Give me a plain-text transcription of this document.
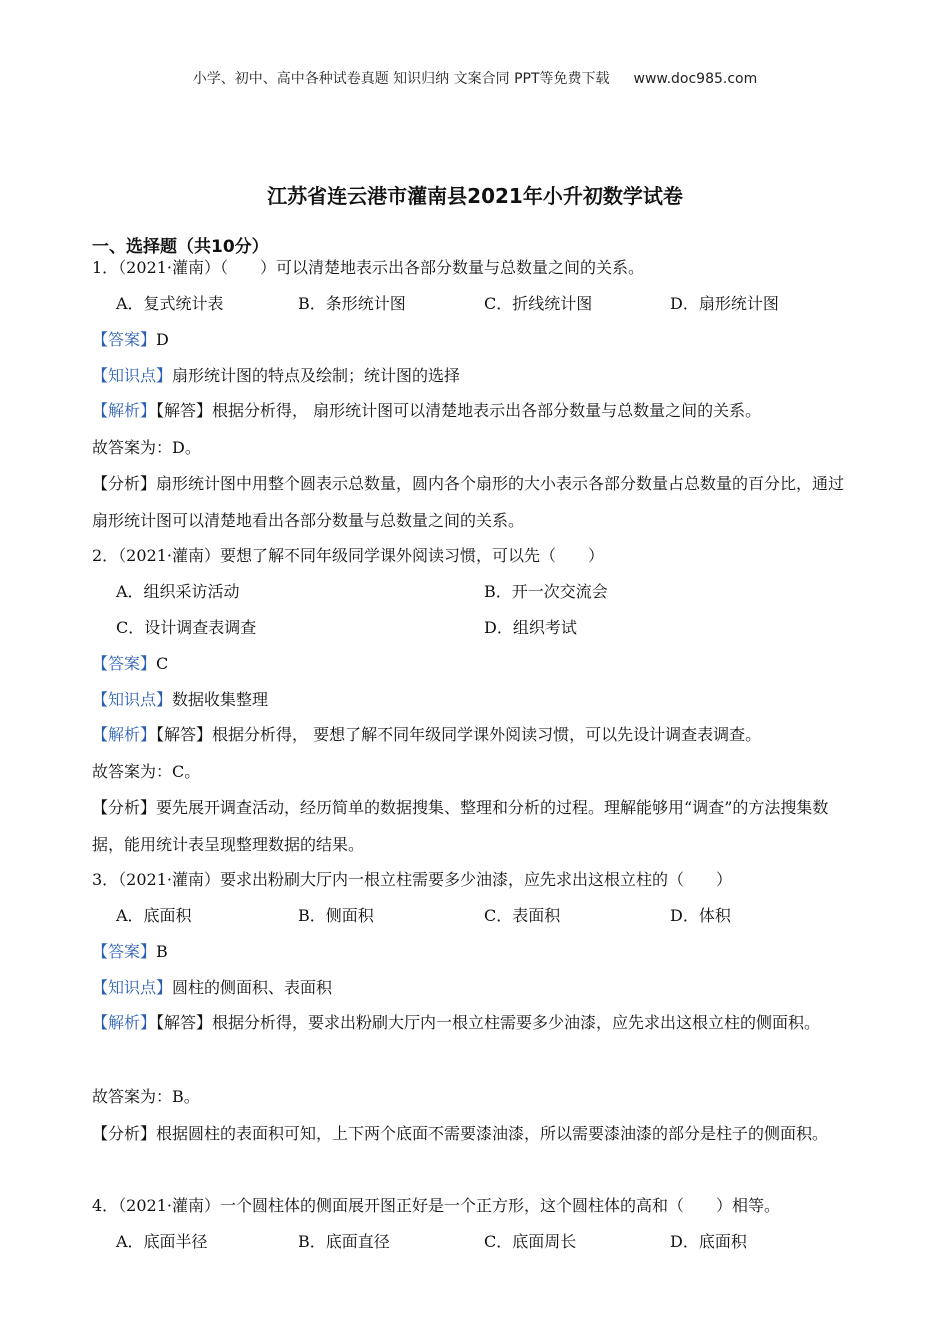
小学、初中、高中各种试卷真题 知识归纳 文案合同 PPT等免费下载 www.doc985.com
江苏省连云港市灌南县2021年小升初数学试卷
一、选择题（共10分）
1．（2021·灌南）（　　）可以清楚地表示出各部分数量与总数量之间的关系。
A．复式统计表	B．条形统计图	C．折线统计图	D．扇形统计图
【答案】D
【知识点】扇形统计图的特点及绘制；统计图的选择
【解析】【解答】根据分析得， 扇形统计图可以清楚地表示出各部分数量与总数量之间的关系。
故答案为：D。
【分析】扇形统计图中用整个圆表示总数量，圆内各个扇形的大小表示各部分数量占总数量的百分比，通过扇形统计图可以清楚地看出各部分数量与总数量之间的关系。
2．（2021·灌南）要想了解不同年级同学课外阅读习惯，可以先（　　）
A．组织采访活动	B．开一次交流会
C．设计调查表调查	D．组织考试
【答案】C
【知识点】数据收集整理
【解析】【解答】根据分析得， 要想了解不同年级同学课外阅读习惯，可以先设计调查表调查。
故答案为：C。
【分析】要先展开调查活动，经历简单的数据搜集、整理和分析的过程。理解能够用“调查”的方法搜集数据，能用统计表呈现整理数据的结果。
3．（2021·灌南）要求出粉刷大厅内一根立柱需要多少油漆，应先求出这根立柱的（　　）
A．底面积	B．侧面积	C．表面积	D．体积
【答案】B
【知识点】圆柱的侧面积、表面积
【解析】【解答】根据分析得，要求出粉刷大厅内一根立柱需要多少油漆，应先求出这根立柱的侧面积。
故答案为：B。
【分析】根据圆柱的表面积可知，上下两个底面不需要漆油漆，所以需要漆油漆的部分是柱子的侧面积。
4．（2021·灌南）一个圆柱体的侧面展开图正好是一个正方形，这个圆柱体的高和（　　）相等。
A．底面半径	B．底面直径	C．底面周长	D．底面积
